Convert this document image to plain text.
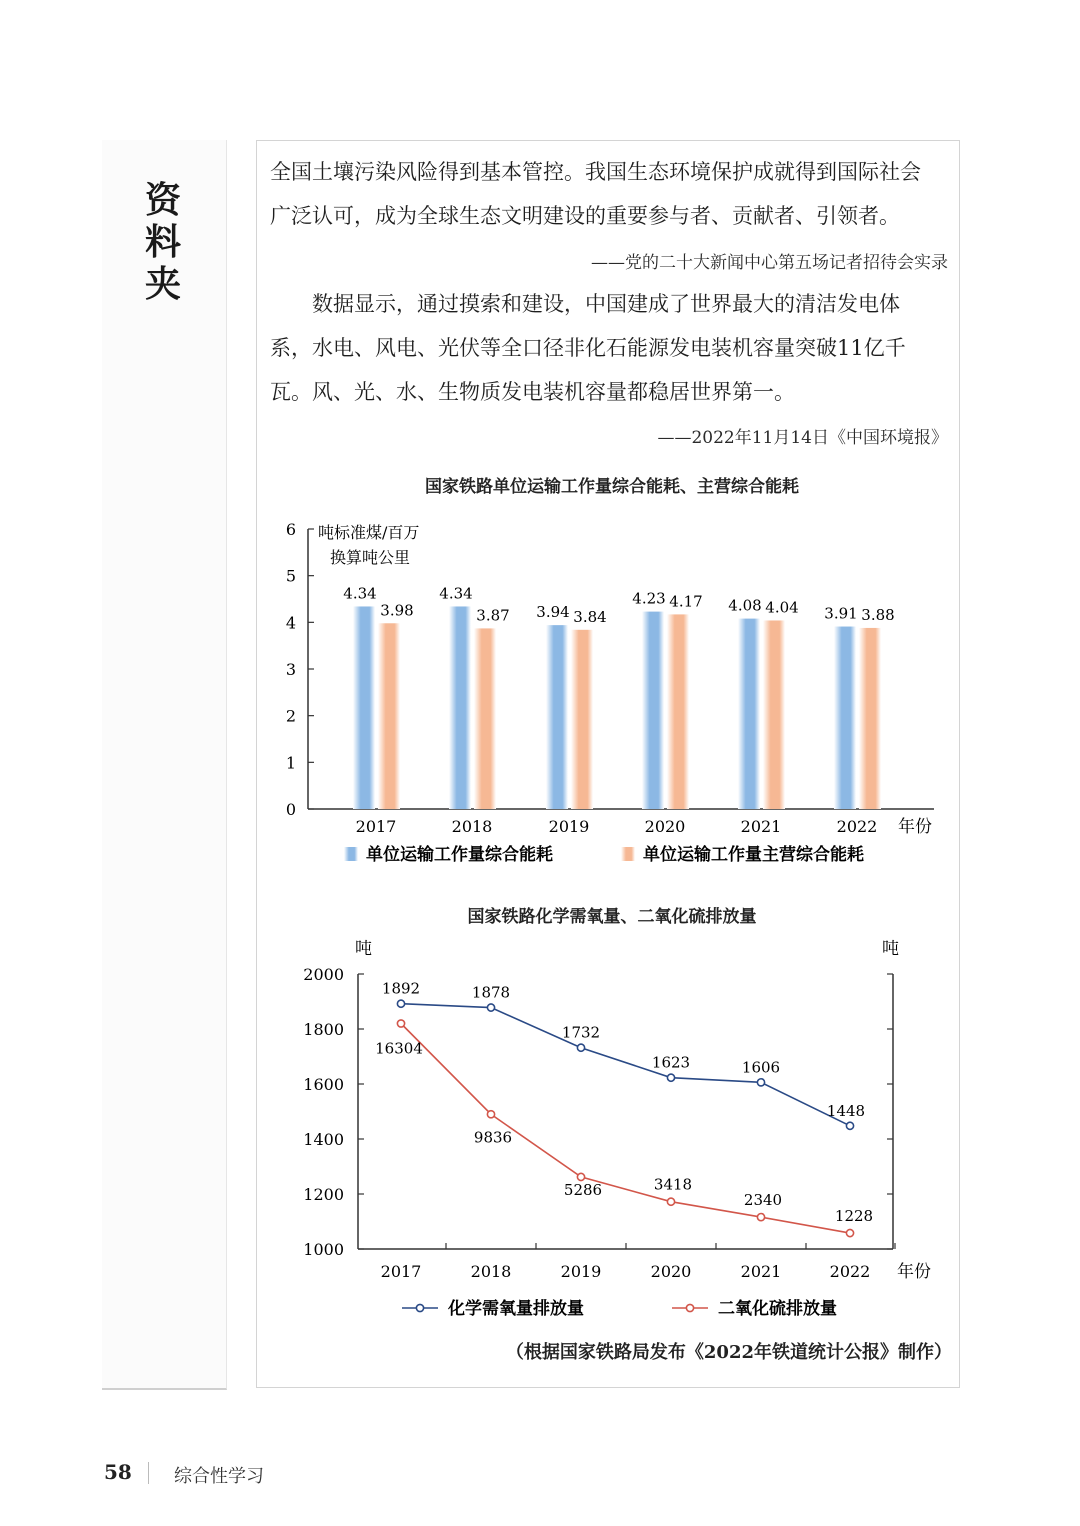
资
料
夹
全国土壤污染风险得到基本管控。我国生态环境保护成就得到国际社会
广泛认可，成为全球生态文明建设的重要参与者、贡献者、引领者。
——党的二十大新闻中心第五场记者招待会实录
　　数据显示，通过摸索和建设，中国建成了世界最大的清洁发电体
系，水电、风电、光伏等全口径非化石能源发电装机容量突破11亿千
瓦。风、光、水、生物质发电装机容量都稳居世界第一。
——2022年11月14日《中国环境报》
国家铁路单位运输工作量综合能耗、主营综合能耗
0
1
2
3
4
5
6 吨标准煤/百万
换算吨公里
4.34
3.98
2017
4.34
3.87
2018
3.94 3.84
2019
4.23 4.17
2020
4.08 4.04
2021
3.91 3.88
2022 年份
单位运输工作量综合能耗	单位运输工作量主营综合能耗
国家铁路化学需氧量、二氧化硫排放量
1000
1200
1400
1600
1800
2000
吨	吨
2017	2018	2019	2020	2021	2022 年份
1892	1878
1732
1623	1606
1448
16304
9836
5286	3418
2340
1228
化学需氧量排放量	二氧化硫排放量
（根据国家铁路局发布《2022年铁道统计公报》制作）
58 综合性学习
